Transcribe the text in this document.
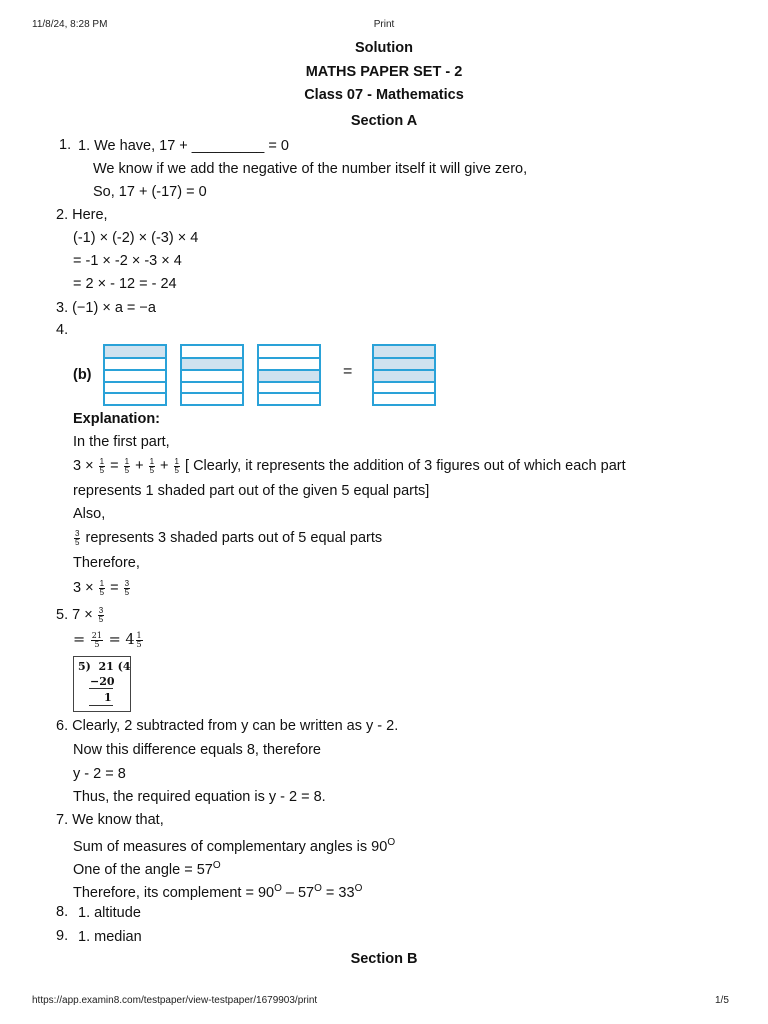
11/8/24, 8:28 PM	Print
Solution
MATHS PAPER SET - 2
Class 07 - Mathematics
Section A
1. 1. We have, 17 + _________ = 0
We know if we add the negative of the number itself it will give zero,
So, 17 + (-17) = 0
2. Here,
(-1) × (-2) × (-3) × 4
= -1 × -2 × -3 × 4
= 2 × - 12 = - 24
3. (−1) × a = −a
4.
(b)	=
Explanation:
In the first part,
$3 \times \frac{1}{5} = \frac{1}{5} + \frac{1}{5} + \frac{1}{5}$ [ Clearly, it represents the addition of 3 figures out of which each part
represents 1 shaded part out of the given 5 equal parts]
Also,
$\frac{3}{5}$ represents 3 shaded parts out of 5 equal parts
Therefore,
$3 \times \frac{1}{5} = \frac{3}{5}$
5. $7 \times \frac{3}{5}$
= $\frac{21}{5} = 4 \frac{1}{5}$
5)  21 (4
−20
1
6. Clearly, 2 subtracted from y can be written as y - 2.
Now this difference equals 8, therefore
y - 2 = 8
Thus, the required equation is y - 2 = 8.
7. We know that,
Sum of measures of complementary angles is $90^O$
One of the angle = $57^O$
Therefore, its complement = $90^O - 57^O = 33^O$
8. 1. altitude
9. 1. median
Section B
https://app.examin8.com/testpaper/view-testpaper/1679903/print	1/5
